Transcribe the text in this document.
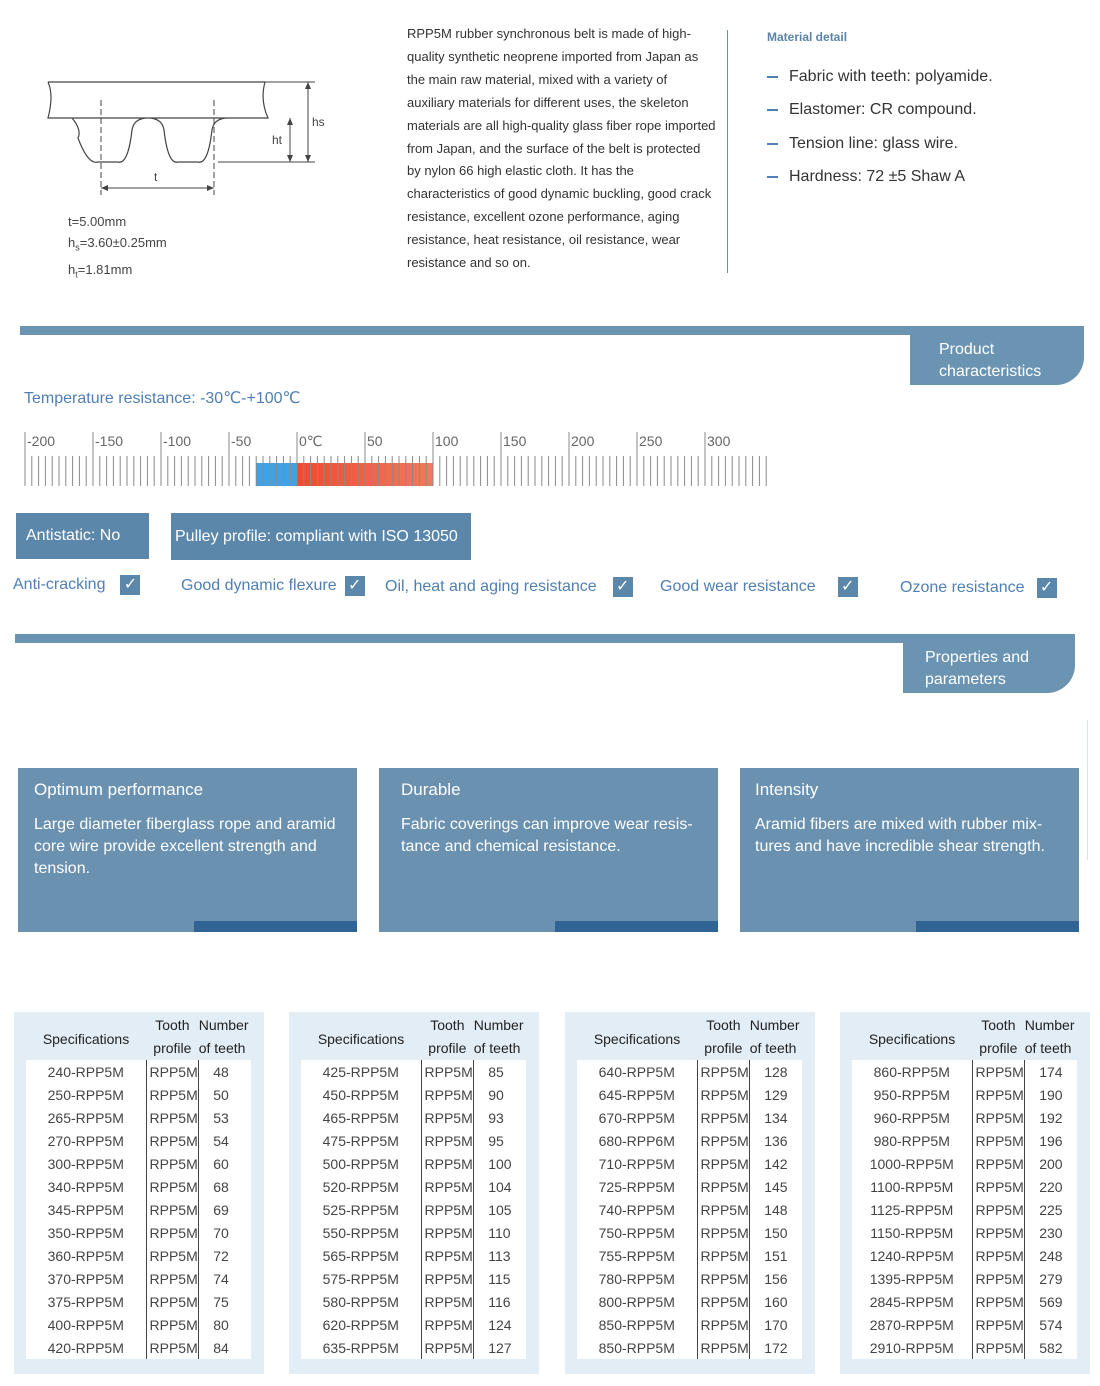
hs
ht
t
t=5.00mm
$h_s=3.60\pm 0.25mm$
$h_t=1.81mm$
RPP5M rubber synchronous belt is made of high-quality synthetic neoprene imported from Japan as the main raw material, mixed with a variety of auxiliary materials for different uses, the skeleton materials are all high-quality glass fiber rope imported from Japan, and the surface of the belt is protected by nylon 66 high elastic cloth. It has the characteristics of good dynamic buckling, good crack resistance, excellent ozone performance, aging resistance, heat resistance, oil resistance, wear resistance and so on.
Material detail
Fabric with teeth: polyamide.
Elastomer: CR compound.
Tension line: glass wire.
Hardness: 72 ±5 Shaw A
Product
characteristics
Temperature resistance: -30℃-+100℃
-200	-150	-100	-50	0℃	50	100	150	200	250	300
Antistatic: No	Pulley profile: compliant with ISO 13050
Anti-cracking ✓	Good dynamic flexure ✓ Oil, heat and aging resistance ✓ Good wear resistance ✓	Ozone resistance ✓
Properties and
parameters
Optimum performance
Large diameter fiberglass rope and aramid core wire provide excellent strength and tension.
Durable
Fabric coverings can improve wear resis-tance and chemical resistance.
Intensity
Aramid fibers are mixed with rubber mix-tures and have incredible shear strength.
Specifications	Tooth
profile	Number
of teeth
240-RPP5M	RPP5M	48
250-RPP5M	RPP5M	50
265-RPP5M	RPP5M	53
270-RPP5M	RPP5M	54
300-RPP5M	RPP5M	60
340-RPP5M	RPP5M	68
345-RPP5M	RPP5M	69
350-RPP5M	RPP5M	70
360-RPP5M	RPP5M	72
370-RPP5M	RPP5M	74
375-RPP5M	RPP5M	75
400-RPP5M	RPP5M	80
420-RPP5M	RPP5M	84
Specifications	Tooth
profile	Number
of teeth
425-RPP5M	RPP5M	85
450-RPP5M	RPP5M	90
465-RPP5M	RPP5M	93
475-RPP5M	RPP5M	95
500-RPP5M	RPP5M	100
520-RPP5M	RPP5M	104
525-RPP5M	RPP5M	105
550-RPP5M	RPP5M	110
565-RPP5M	RPP5M	113
575-RPP5M	RPP5M	115
580-RPP5M	RPP5M	116
620-RPP5M	RPP5M	124
635-RPP5M	RPP5M	127
Specifications	Tooth
profile	Number
of teeth
640-RPP5M	RPP5M	128
645-RPP5M	RPP5M	129
670-RPP5M	RPP5M	134
680-RPP6M	RPP5M	136
710-RPP5M	RPP5M	142
725-RPP5M	RPP5M	145
740-RPP5M	RPP5M	148
750-RPP5M	RPP5M	150
755-RPP5M	RPP5M	151
780-RPP5M	RPP5M	156
800-RPP5M	RPP5M	160
850-RPP5M	RPP5M	170
850-RPP5M	RPP5M	172
Specifications	Tooth
profile	Number
of teeth
860-RPP5M	RPP5M	174
950-RPP5M	RPP5M	190
960-RPP5M	RPP5M	192
980-RPP5M	RPP5M	196
1000-RPP5M	RPP5M	200
1100-RPP5M	RPP5M	220
1125-RPP5M	RPP5M	225
1150-RPP5M	RPP5M	230
1240-RPP5M	RPP5M	248
1395-RPP5M	RPP5M	279
2845-RPP5M	RPP5M	569
2870-RPP5M	RPP5M	574
2910-RPP5M	RPP5M	582
